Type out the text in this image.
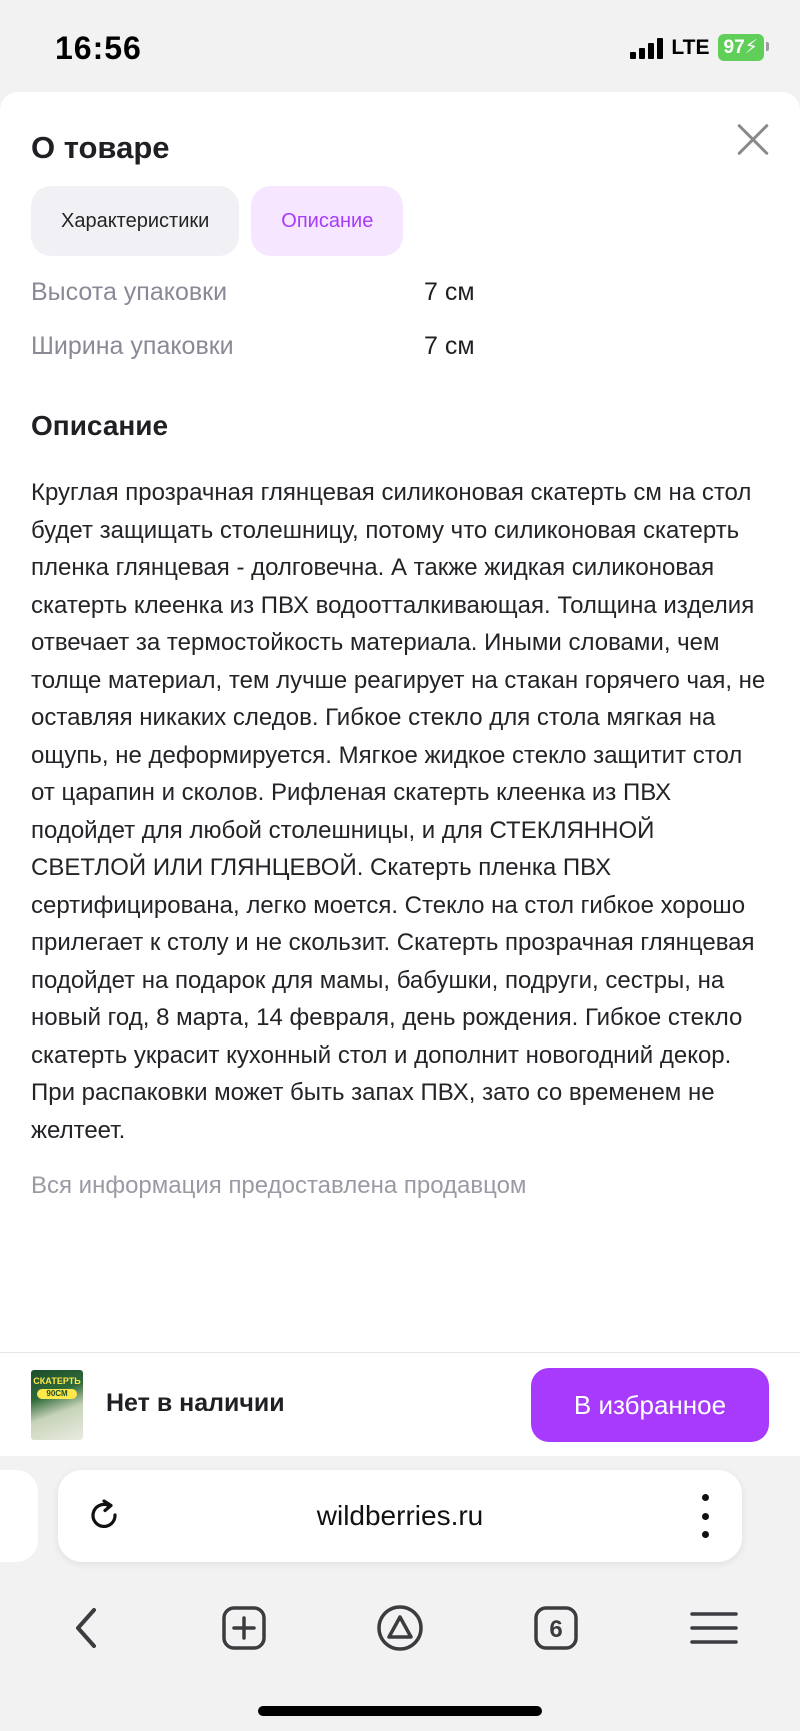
16:56	LTE 97⚡
О товаре
Характеристики	Описание
Высота упаковки	7 см
Ширина упаковки	7 см
Описание
Круглая прозрачная глянцевая силиконовая скатерть см на стол будет защищать столешницу, потому что силиконовая скатерть пленка глянцевая - долговечна. А также жидкая силиконовая скатерть клеенка из ПВХ водоотталкивающая. Толщина изделия отвечает за термостойкость материала. Иными словами, чем толще материал, тем лучше реагирует на стакан горячего чая, не оставляя никаких следов. Гибкое стекло для стола мягкая на ощупь, не деформируется. Мягкое жидкое стекло защитит стол от царапин и сколов. Рифленая скатерть клеенка из ПВХ подойдет для любой столешницы, и для СТЕКЛЯННОЙ СВЕТЛОЙ ИЛИ ГЛЯНЦЕВОЙ. Скатерть пленка ПВХ сертифицирована, легко моется. Стекло на стол гибкое хорошо прилегает к столу и не скользит. Скатерть прозрачная глянцевая подойдет на подарок для мамы, бабушки, подруги, сестры, на новый год, 8 марта, 14 февраля, день рождения. Гибкое стекло скатерть украсит кухонный стол и дополнит новогодний декор. При распаковки может быть запах ПВХ, зато со временем не желтеет.
Вся информация предоставлена продавцом
СКАТЕРТЬ
90СМ	Нет в наличии	В избранное
wildberries.ru
6
